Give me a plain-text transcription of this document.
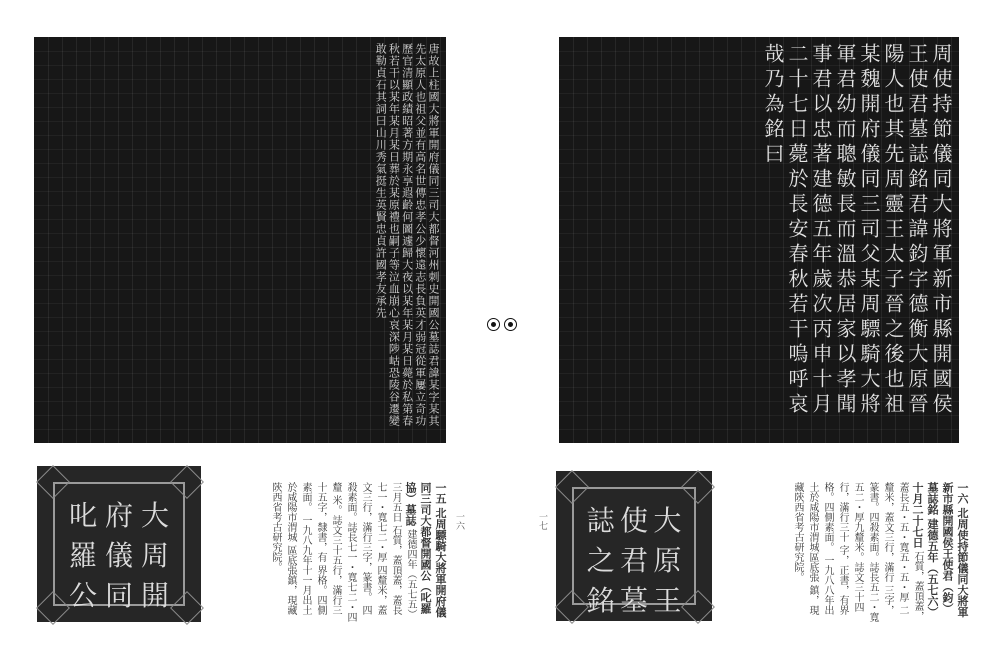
唐故上柱國大將軍開府儀同三司大都督河州刺史開國公墓誌君諱某字某其先太原人也祖父並有高名世傳忠孝公少懷遠志長負英才弱冠從軍屢立奇功歷官清顯政績昭著方期永享遐齡何圖遽歸大夜以某年某月某日薨於私第春秋若干以某年某月某日葬於某原禮也嗣子等泣血崩心哀深陟岵恐陵谷遷變敢勒貞石其詞曰山川秀氣挺生英賢忠貞許國孝友承先	周使持節儀同大將軍新市縣開國侯王使君墓誌銘君諱鈞字德衡大原晉陽人也其先周靈王太子晉之後也祖某魏開府儀同三司父某周驃騎大將軍君幼而聰敏長而溫恭居家以孝聞事君以忠著建德五年歲次丙申十月二十七日薨於長安春秋若干嗚呼哀哉乃為銘曰
大
周
開
府
儀
同
叱
羅
公
大
原
王
使
君
墓
誌
之
銘
一六	一七
一五 北周驃騎大將軍開府儀同三司大都督開國公（叱羅協）墓誌 建德四年（五七五）三月五日 石質，蓋頂蓋，蓋長七一・寬七二・厚 四釐米，蓋文三行，滿行三字，篆書。 四殺素面。誌長七一・寬七二・四釐 米。誌文三十五行，滿行三十五字，隸書，有 界格。四側素面。 一九八九年十一月出土於咸陽市渭城 區底張鎮，現藏陝西省考古研究院。	一六 北周使持節儀同大將軍新市縣開國侯王使君（鈞）墓誌銘 建德五年（五七六）十月二十七日 石質，蓋頂蓋，蓋長五・五・寬五・五・厚 二釐米，蓋文三行，滿行 三字，篆書。四殺素面。誌長五二・寬 五二・厚九釐米。誌文三十四行，滿行三十 字，正書，有界格。四側素面。 一九八八年出土於咸陽市渭城區底張 鎮，現藏陝西省考古研究院。
